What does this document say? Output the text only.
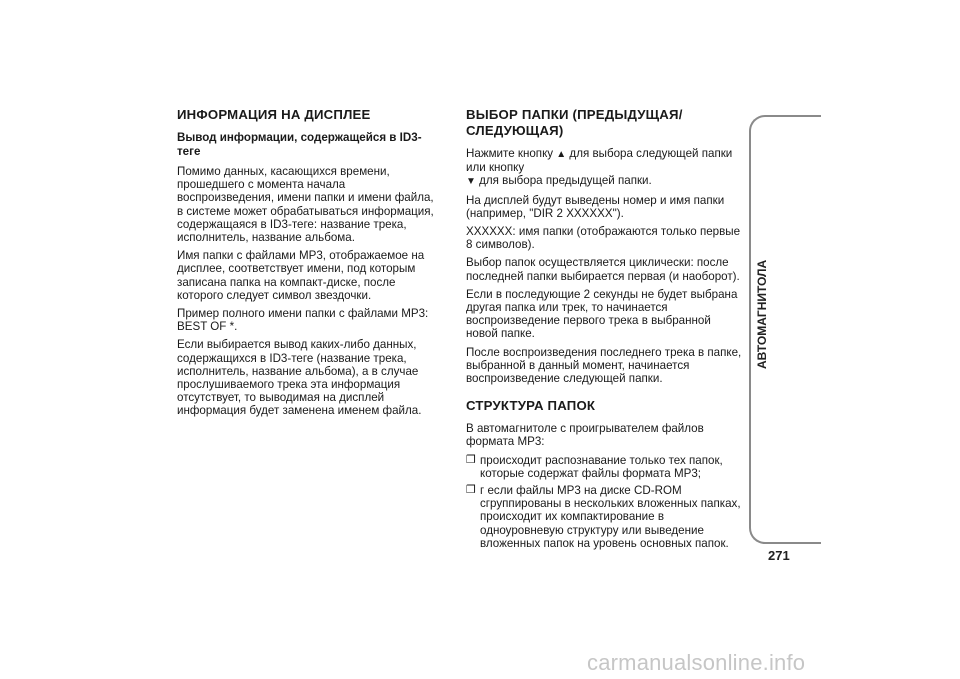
ИНФОРМАЦИЯ НА ДИСПЛЕЕ
Вывод информации, содержащейся в ID3-теге

Помимо данных, касающихся времени, прошедшего с момента начала воспроизведения, имени папки и имени файла, в системе может обрабатываться информация, содержащаяся в ID3-теге: название трека, исполнитель, название альбома.

Имя папки с файлами MP3, отображаемое на дисплее, соответствует имени, под которым записана папка на компакт-диске, после которого следует символ звездочки.

Пример полного имени папки с файлами MP3: BEST OF *.

Если выбирается вывод каких-либо данных, содержащихся в ID3-теге (название трека, исполнитель, название альбома), а в случае прослушиваемого трека эта информация отсутствует, то выводимая на дисплей информация будет заменена именем файла.

ВЫБОР ПАПКИ (ПРЕДЫДУЩАЯ/СЛЕДУЮЩАЯ)

Нажмите кнопку ▲ для выбора следующей папки или кнопку
▼ для выбора предыдущей папки.

На дисплей будут выведены номер и имя папки (например, "DIR 2 XXXXXX").

XXXXXX: имя папки (отображаются только первые 8 символов).

Выбор папок осуществляется циклически: после последней папки выбирается первая (и наоборот).

Если в последующие 2 секунды не будет выбрана другая папка или трек, то начинается воспроизведение первого трека в выбранной новой папке.

После воспроизведения последнего трека в папке, выбранной в данный момент, начинается воспроизведение следующей папки.

СТРУКТУРА ПАПОК

В автомагнитоле с проигрывателем файлов формата MP3:

❒ происходит распознавание только тех папок, которые содержат файлы формата MP3;
❒ г если файлы MP3 на диске CD-ROM сгруппированы в нескольких вложенных папках, происходит их компактирование в одноуровневую структуру или выведение вложенных папок на уровень основных папок.
АВТОМАГНИТОЛА
271
carmanualsonline.info
